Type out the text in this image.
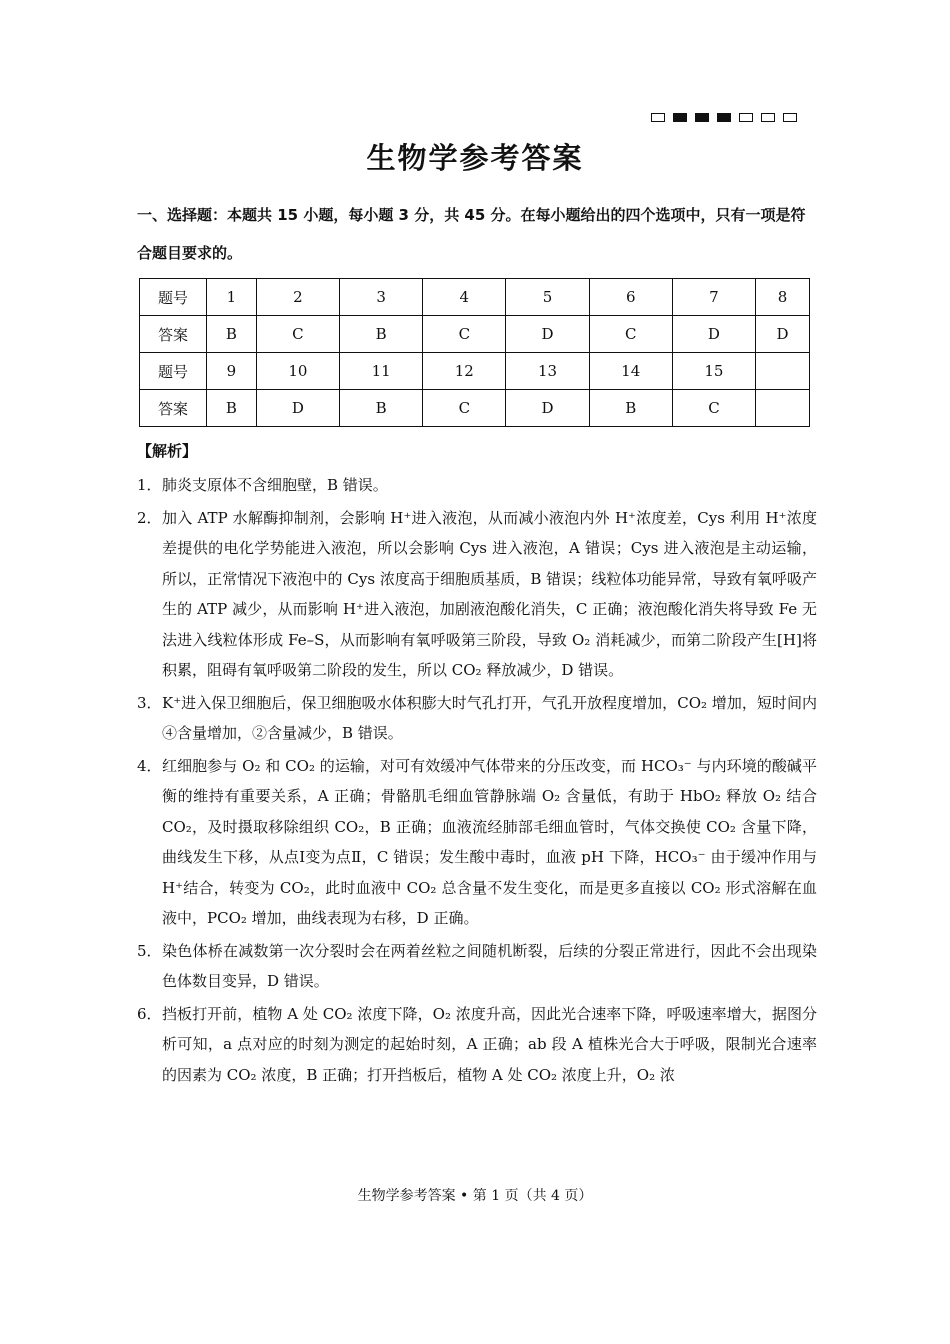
生物学参考答案
一、选择题：本题共 15 小题，每小题 3 分，共 45 分。在每小题给出的四个选项中，只有一项是符合题目要求的。
题号	1	2	3	4	5	6	7	8
答案	B	C	B	C	D	C	D	D
题号	9	10	11	12	13	14	15	
答案	B	D	B	C	D	B	C	
【解析】
1． 肺炎支原体不含细胞壁，B 错误。
2． 加入 ATP 水解酶抑制剂，会影响 H⁺进入液泡，从而减小液泡内外 H⁺浓度差，Cys 利用 H⁺浓度差提供的电化学势能进入液泡，所以会影响 Cys 进入液泡，A 错误；Cys 进入液泡是主动运输，所以，正常情况下液泡中的 Cys 浓度高于细胞质基质，B 错误；线粒体功能异常，导致有氧呼吸产生的 ATP 减少，从而影响 H⁺进入液泡，加剧液泡酸化消失，C 正确；液泡酸化消失将导致 Fe 无法进入线粒体形成 Fe–S，从而影响有氧呼吸第三阶段，导致 O₂ 消耗减少，而第二阶段产生[H]将积累，阻碍有氧呼吸第二阶段的发生，所以 CO₂ 释放减少，D 错误。
3． K⁺进入保卫细胞后，保卫细胞吸水体积膨大时气孔打开，气孔开放程度增加，CO₂ 增加，短时间内④含量增加，②含量减少，B 错误。
4． 红细胞参与 O₂ 和 CO₂ 的运输，对可有效缓冲气体带来的分压改变，而 HCO₃⁻ 与内环境的酸碱平衡的维持有重要关系，A 正确；骨骼肌毛细血管静脉端 O₂ 含量低，有助于 HbO₂ 释放 O₂ 结合 CO₂，及时摄取移除组织 CO₂，B 正确；血液流经肺部毛细血管时，气体交换使 CO₂ 含量下降，曲线发生下移，从点Ⅰ变为点Ⅱ，C 错误；发生酸中毒时，血液 pH 下降，HCO₃⁻ 由于缓冲作用与 H⁺结合，转变为 CO₂，此时血液中 CO₂ 总含量不发生变化，而是更多直接以 CO₂ 形式溶解在血液中，PCO₂ 增加，曲线表现为右移，D 正确。
5． 染色体桥在减数第一次分裂时会在两着丝粒之间随机断裂，后续的分裂正常进行，因此不会出现染色体数目变异，D 错误。
6． 挡板打开前，植物 A 处 CO₂ 浓度下降，O₂ 浓度升高，因此光合速率下降，呼吸速率增大，据图分析可知，a 点对应的时刻为测定的起始时刻，A 正确；ab 段 A 植株光合大于呼吸，限制光合速率的因素为 CO₂ 浓度，B 正确；打开挡板后，植物 A 处 CO₂ 浓度上升，O₂ 浓
生物学参考答案 • 第 1 页（共 4 页）
